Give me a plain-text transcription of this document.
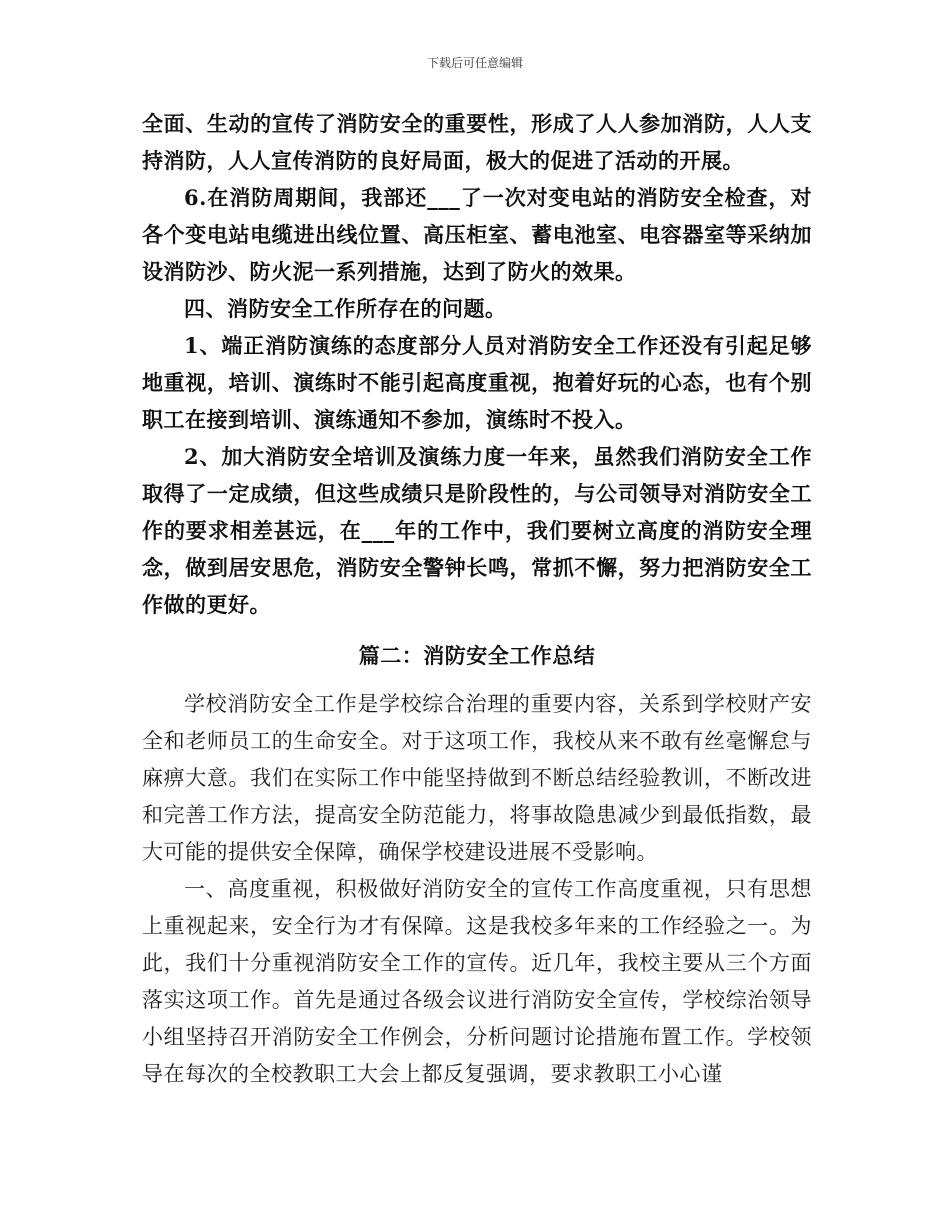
下载后可任意编辑

全面、生动的宣传了消防安全的重要性，形成了人人参加消防，人人支持消防，人人宣传消防的良好局面，极大的促进了活动的开展。

6.在消防周期间，我部还___了一次对变电站的消防安全检查，对各个变电站电缆进出线位置、高压柜室、蓄电池室、电容器室等采纳加设消防沙、防火泥一系列措施，达到了防火的效果。

四、消防安全工作所存在的问题。

1、端正消防演练的态度部分人员对消防安全工作还没有引起足够地重视，培训、演练时不能引起高度重视，抱着好玩的心态，也有个别职工在接到培训、演练通知不参加，演练时不投入。

2、加大消防安全培训及演练力度一年来，虽然我们消防安全工作取得了一定成绩，但这些成绩只是阶段性的，与公司领导对消防安全工作的要求相差甚远，在___年的工作中，我们要树立高度的消防安全理念，做到居安思危，消防安全警钟长鸣，常抓不懈，努力把消防安全工作做的更好。

篇二：消防安全工作总结

学校消防安全工作是学校综合治理的重要内容，关系到学校财产安全和老师员工的生命安全。对于这项工作，我校从来不敢有丝毫懈怠与麻痹大意。我们在实际工作中能坚持做到不断总结经验教训，不断改进和完善工作方法，提高安全防范能力，将事故隐患减少到最低指数，最大可能的提供安全保障，确保学校建设进展不受影响。

一、高度重视，积极做好消防安全的宣传工作高度重视，只有思想上重视起来，安全行为才有保障。这是我校多年来的工作经验之一。为此，我们十分重视消防安全工作的宣传。近几年，我校主要从三个方面落实这项工作。首先是通过各级会议进行消防安全宣传，学校综治领导小组坚持召开消防安全工作例会，分析问题讨论措施布置工作。学校领导在每次的全校教职工大会上都反复强调，要求教职工小心谨
